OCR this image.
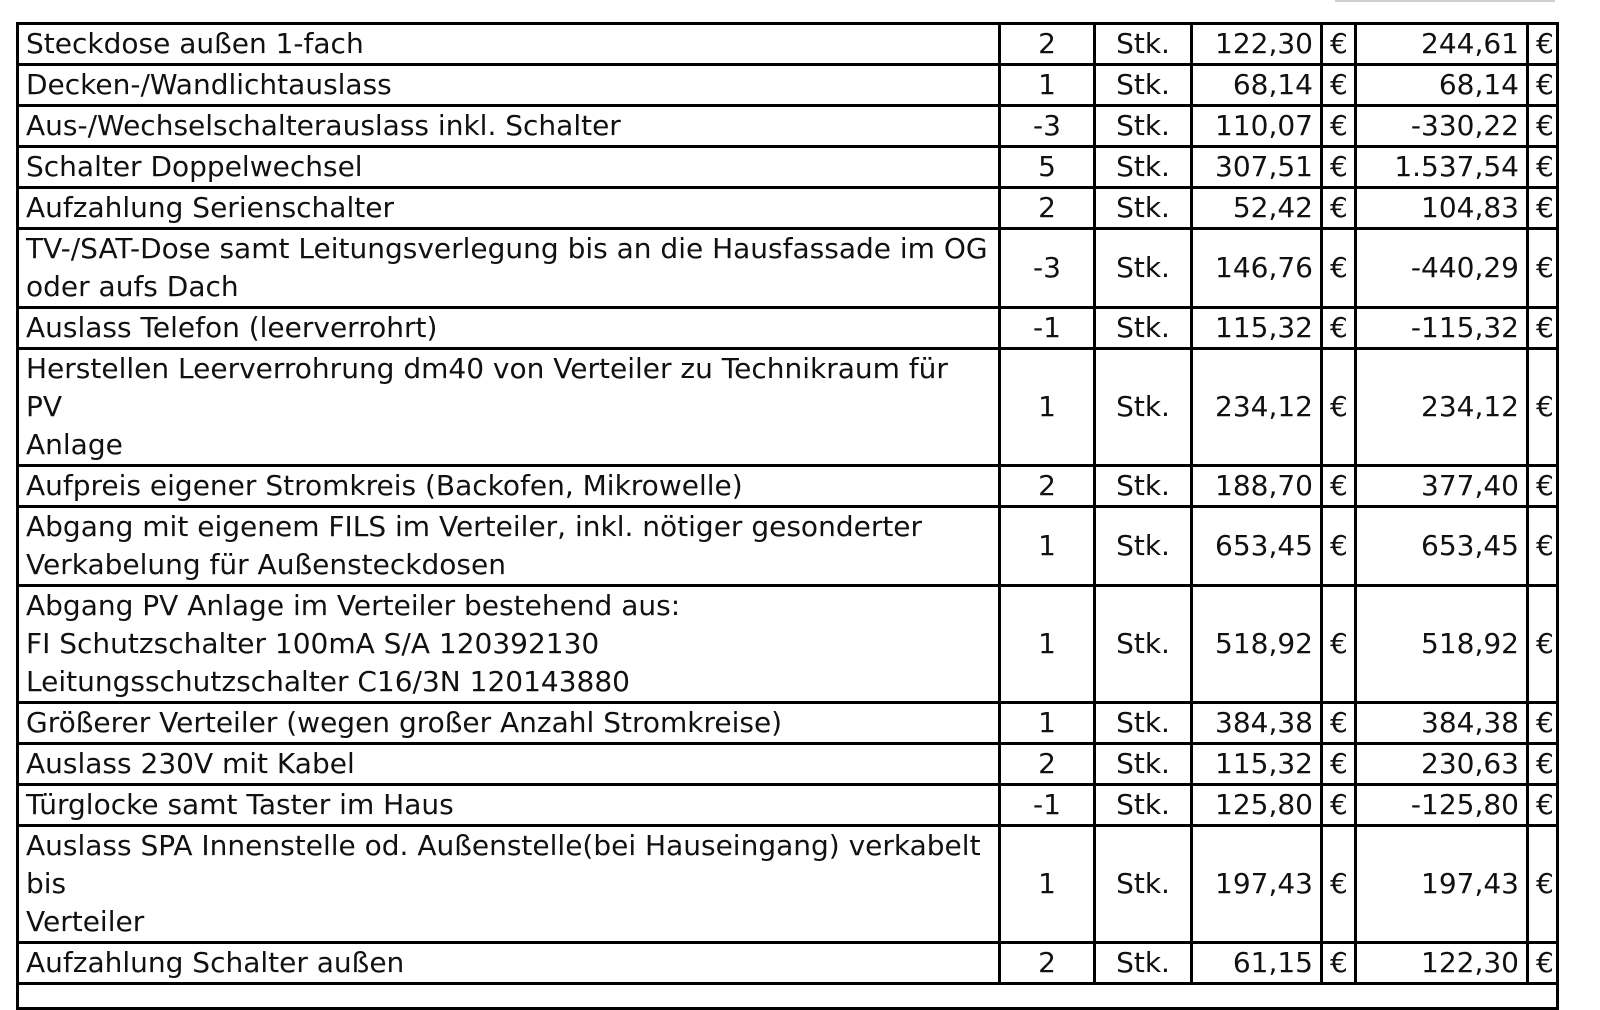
Steckdose außen 1-fach	2	Stk.	122,30	€	244,61	€
Decken-/Wandlichtauslass	1	Stk.	68,14	€	68,14	€
Aus-/Wechselschalterauslass inkl. Schalter	-3	Stk.	110,07	€	-330,22	€
Schalter Doppelwechsel	5	Stk.	307,51	€	1.537,54	€
Aufzahlung Serienschalter	2	Stk.	52,42	€	104,83	€
TV-/SAT-Dose samt Leitungsverlegung bis an die Hausfassade im OG
oder aufs Dach	-3	Stk.	146,76	€	-440,29	€
Auslass Telefon (leerverrohrt)	-1	Stk.	115,32	€	-115,32	€
Herstellen Leerverrohrung dm40 von Verteiler zu Technikraum für PV
Anlage	1	Stk.	234,12	€	234,12	€
Aufpreis eigener Stromkreis (Backofen, Mikrowelle)	2	Stk.	188,70	€	377,40	€
Abgang mit eigenem FILS im Verteiler, inkl. nötiger gesonderter
Verkabelung für Außensteckdosen	1	Stk.	653,45	€	653,45	€
Abgang PV Anlage im Verteiler bestehend aus:
FI Schutzschalter 100mA S/A 120392130
Leitungsschutzschalter C16/3N 120143880	1	Stk.	518,92	€	518,92	€
Größerer Verteiler (wegen großer Anzahl Stromkreise)	1	Stk.	384,38	€	384,38	€
Auslass 230V mit Kabel	2	Stk.	115,32	€	230,63	€
Türglocke samt Taster im Haus	-1	Stk.	125,80	€	-125,80	€
Auslass SPA Innenstelle od. Außenstelle(bei Hauseingang) verkabelt bis
Verteiler	1	Stk.	197,43	€	197,43	€
Aufzahlung Schalter außen	2	Stk.	61,15	€	122,30	€
